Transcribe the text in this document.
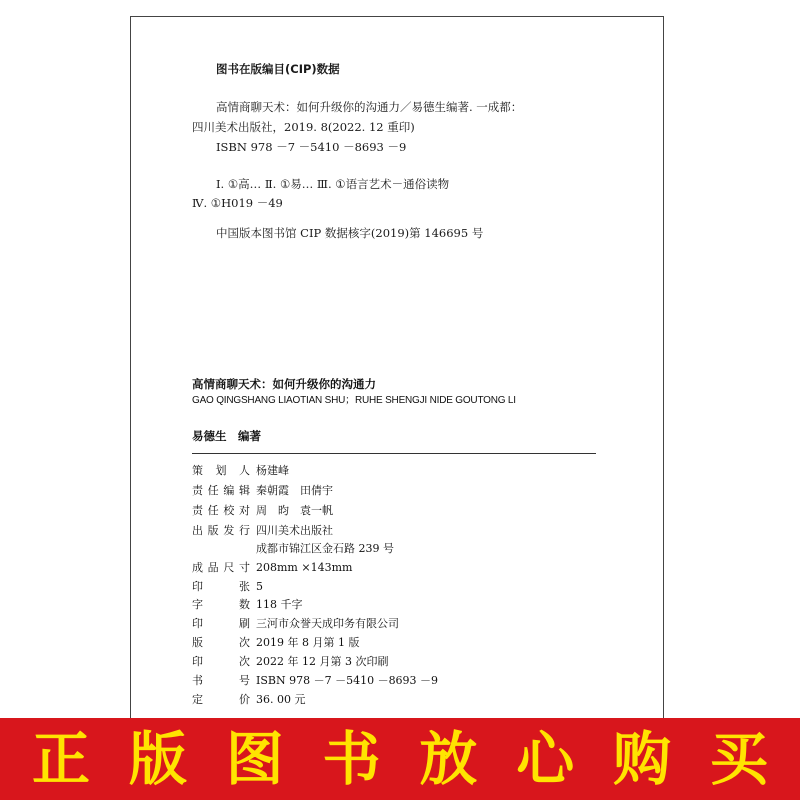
图书在版编目(CIP)数据
高情商聊天术：如何升级你的沟通力／易德生编著. 一成都：
四川美术出版社，2019. 8(2022. 12 重印)
ISBN 978 －7 －5410 －8693 －9
Ⅰ. ①高… Ⅱ. ①易… Ⅲ. ①语言艺术－通俗读物
Ⅳ. ①H019 －49
中国版本图书馆 CIP 数据核字(2019)第 146695 号
高情商聊天术：如何升级你的沟通力
GAO QINGSHANG LIAOTIAN SHU；RUHE SHENGJI NIDE GOUTONG LI
易德生　编著
策 划 人 杨建峰
责任编辑 秦朝霞　田倩宇
责任校对 周　昀　袁一帆
出版发行 四川美术出版社
成都市锦江区金石路 239 号
成品尺寸 208mm ×143mm
印　张 5
字　数 118 千字
印　刷 三河市众誉天成印务有限公司
版　次 2019 年 8 月第 1 版
印　次 2022 年 12 月第 3 次印刷
书　号 ISBN 978 －7 －5410 －8693 －9
定　价 36. 00 元
正 版 图 书 放 心 购 买
